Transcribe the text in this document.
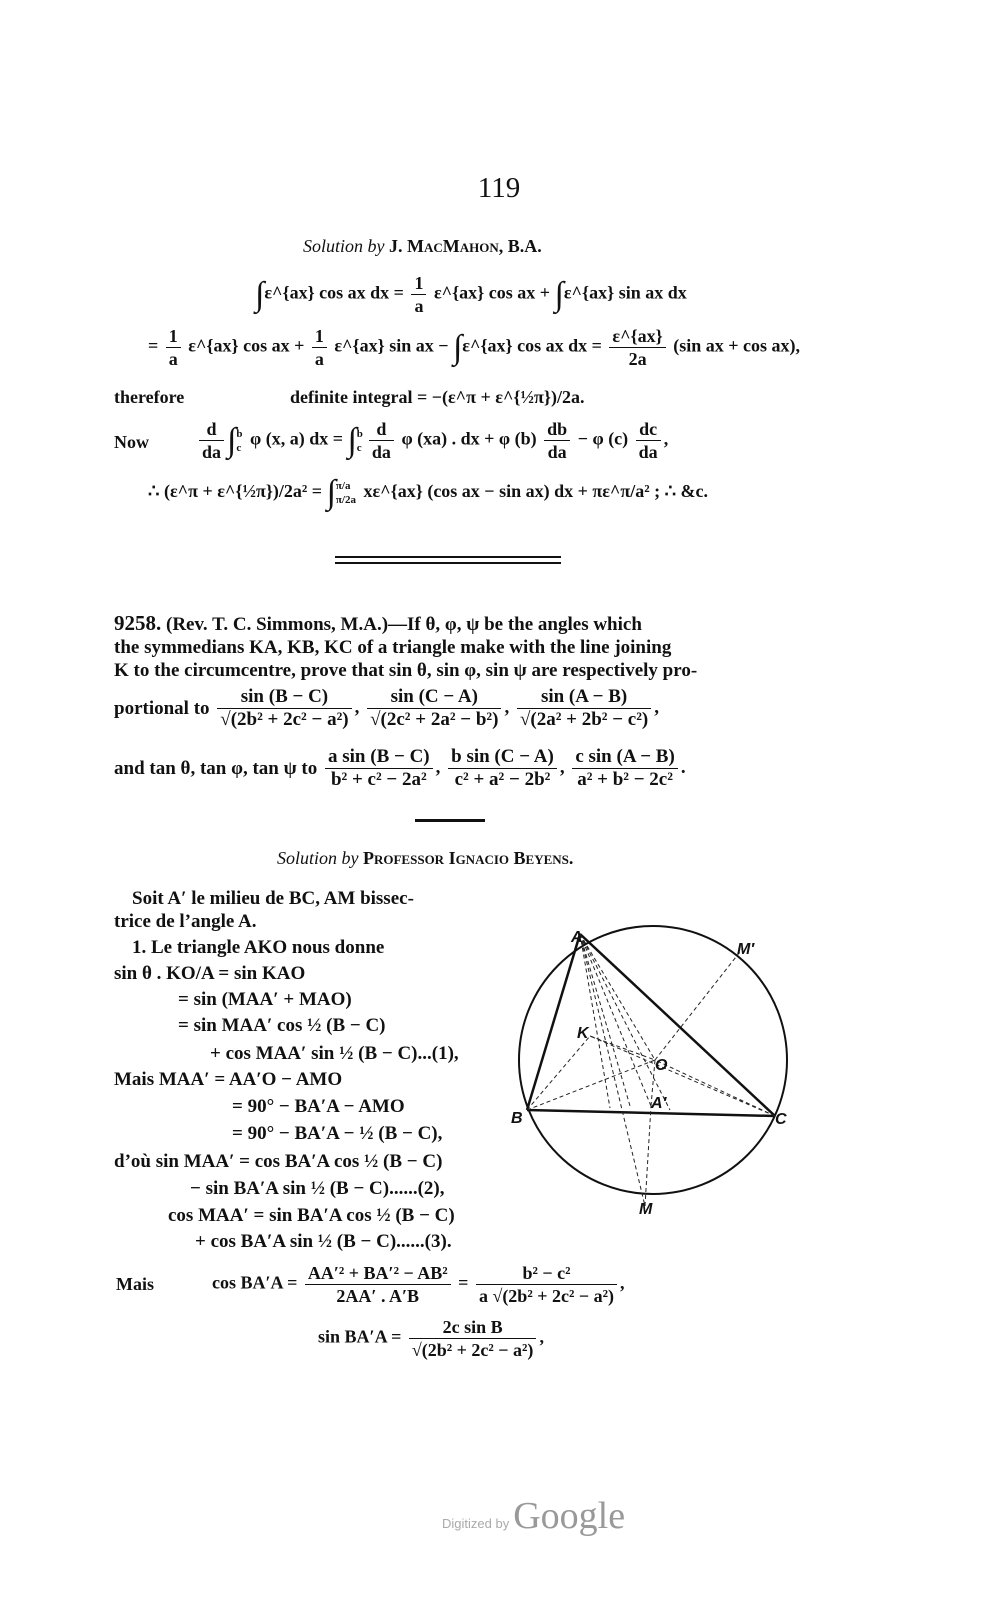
119
Solution by J. MacMahon, B.A.
∫ε^{ax} cos ax dx = $\frac{1}{a}$ ε^{ax} cos ax + ∫ε^{ax} sin ax dx
= $\frac{1}{a}$ ε^{ax} cos ax + $\frac{1}{a}$ ε^{ax} sin ax − ∫ε^{ax} cos ax dx = $\frac{\varepsilon\^{}\{ax\}}{2a} (\sin$ ax + cos ax),
therefore	definite integral = −(ε^π + ε^{½π})/2a.
Now	$\frac{d}{da} \int b$
c φ (x, a) dx = ∫b
c $\frac{d}{da}$ φ (xa) . dx + φ $(b) \frac{db}{da} - \varphi$ $(c) \frac{dc}{da}$ ,
∴ (ε^π + ε^{½π})/2a² = ∫π/a
π/2a xε^{ax} (cos ax − sin ax) dx + πε^π/a² ; ∴ &c.
9258. (Rev. T. C. Simmons, M.A.)—If θ, φ, ψ be the angles which
the symmedians KA, KB, KC of a triangle make with the line joining
K to the circumcentre, prove that sin θ, sin φ, sin ψ are respectively pro-
portional to $\frac{\sin (B - C)}{\text{√(2b² + 2c² − a²)}}$ , $\frac{\sin (C - A)}{\text{√(2c² + 2a² − b²)}}$ , $\frac{\sin (A - B)}{\text{√(2a² + 2b² − c²)}}$ ,
and tan θ, tan φ, tan ψ to $\frac{\text{a sin (B − C)}}{\text{b² + c² − 2a²}}$ , $\frac{\text{b sin (C − A)}}{\text{c² + a² − 2b²}}$ , $\frac{\text{c sin (A − B)}}{\text{a² + b² − 2c²}}$ .
Solution by Professor Ignacio Beyens.
Soit A′ le milieu de BC, AM bissec-
trice de l’angle A.
1. Le triangle AKO nous donne
sin θ . KO/A = sin KAO
= sin (MAA′ + MAO)
= sin MAA′ cos ½ (B − C)
+ cos MAA′ sin ½ (B − C)...(1),
Mais MAA′ = AA′O − AMO
= 90° − BA′A − AMO
= 90° − BA′A − ½ (B − C),
d’où sin MAA′ = cos BA′A cos ½ (B − C)
− sin BA′A sin ½ (B − C)......(2),
cos MAA′ = sin BA′A cos ½ (B − C)
+ cos BA′A sin ½ (B − C)......(3).
A
M′
K
O
A′
B	C
M
Mais	$\cos BA'A = \frac{\text{AA′² + BA′² − AB²}}{2AA' . A'B} = \frac{\text{b² − c²}}{\text{a √(2b² + 2c² − a²)}}$ ,
$\sin BA'A = \frac{\text{2c sin B}}{\text{√(2b² + 2c² − a²)}}$ ,
Digitized by Google
